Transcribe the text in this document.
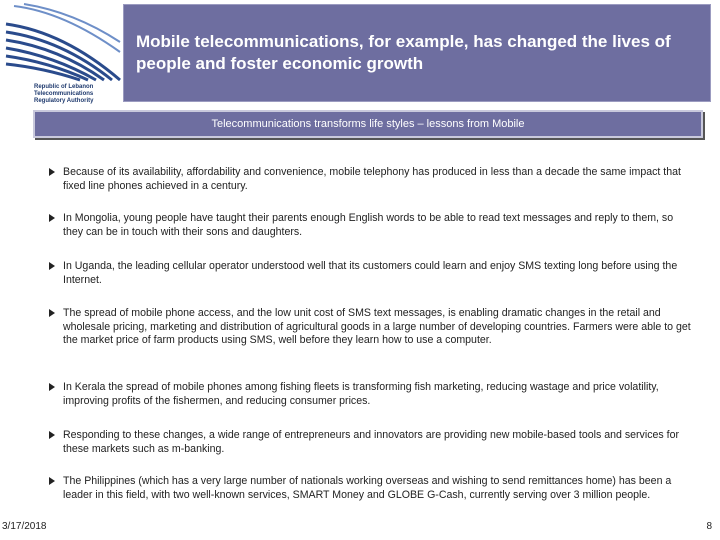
Republic of Lebanon
Telecommunications
Regulatory Authority
Mobile telecommunications, for example, has changed the lives of people and foster economic growth
Telecommunications transforms life styles – lessons from Mobile
Because of its availability, affordability and convenience, mobile telephony has produced in less than a decade the same impact that fixed line phones achieved in a century.
In Mongolia, young people have taught their parents enough English words to be able to read text messages and reply to them, so they can be in touch with their sons and daughters.
In Uganda, the leading cellular operator understood well that its customers could learn and enjoy SMS texting long before using the Internet.
The spread of mobile phone access, and the low unit cost of SMS text messages, is enabling dramatic changes in the retail and wholesale pricing, marketing and distribution of agricultural goods in a large number of developing countries. Farmers were able to get the market price of farm products using SMS, well before they learn how to use a computer.
In Kerala the spread of mobile phones among fishing fleets is transforming fish marketing, reducing wastage and price volatility, improving profits of the fishermen, and reducing consumer prices.
Responding to these changes, a wide range of entrepreneurs and innovators are providing new mobile-based tools and services for these markets such as m-banking.
The Philippines (which has a very large number of nationals working overseas and wishing to send remittances home) has been a leader in this field, with two well-known services, SMART Money and GLOBE G-Cash, currently serving over 3 million people.
3/17/2018	8
